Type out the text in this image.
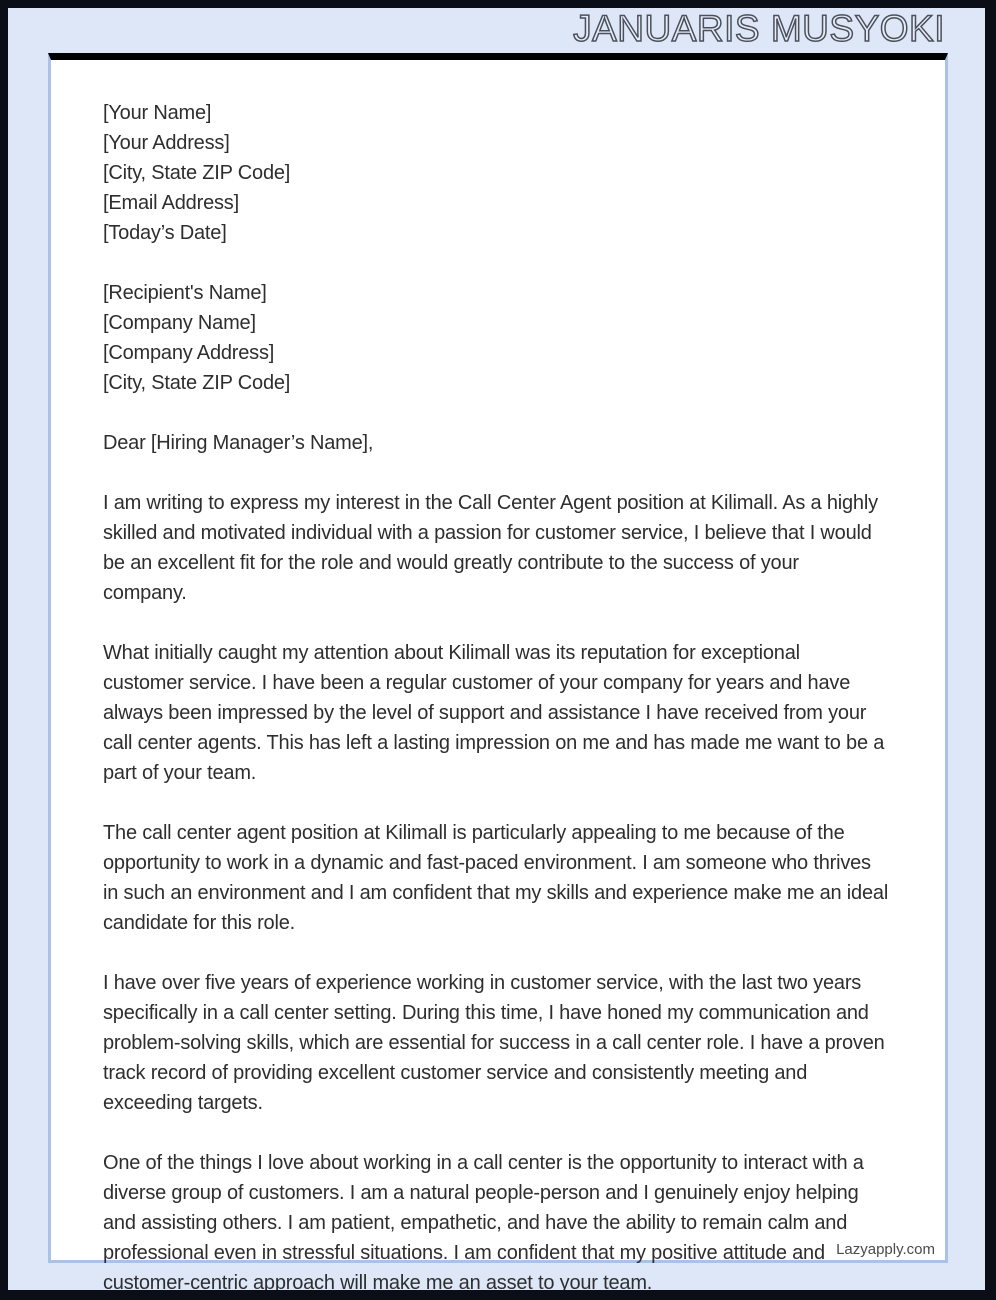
JANUARIS MUSYOKI
[Your Name]
[Your Address]
[City, State ZIP Code]
[Email Address]
[Today’s Date]
[Recipient's Name]
[Company Name]
[Company Address]
[City, State ZIP Code]
Dear [Hiring Manager’s Name],
I am writing to express my interest in the Call Center Agent position at Kilimall. As a highly
skilled and motivated individual with a passion for customer service, I believe that I would
be an excellent fit for the role and would greatly contribute to the success of your
company.
What initially caught my attention about Kilimall was its reputation for exceptional
customer service. I have been a regular customer of your company for years and have
always been impressed by the level of support and assistance I have received from your
call center agents. This has left a lasting impression on me and has made me want to be a
part of your team.
The call center agent position at Kilimall is particularly appealing to me because of the
opportunity to work in a dynamic and fast-paced environment. I am someone who thrives
in such an environment and I am confident that my skills and experience make me an ideal
candidate for this role.
I have over five years of experience working in customer service, with the last two years
specifically in a call center setting. During this time, I have honed my communication and
problem-solving skills, which are essential for success in a call center role. I have a proven
track record of providing excellent customer service and consistently meeting and
exceeding targets.
One of the things I love about working in a call center is the opportunity to interact with a
diverse group of customers. I am a natural people-person and I genuinely enjoy helping
and assisting others. I am patient, empathetic, and have the ability to remain calm and
professional even in stressful situations. I am confident that my positive attitude and
customer-centric approach will make me an asset to your team.
Lazyapply.com
